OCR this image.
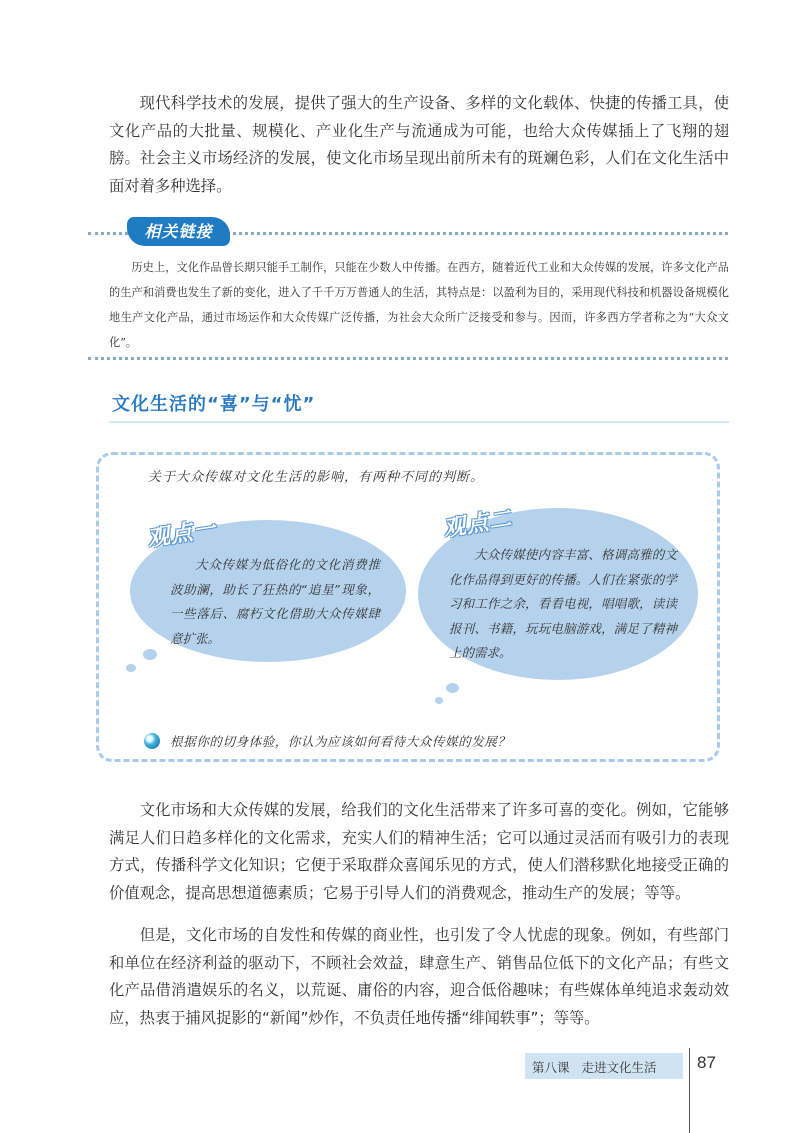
现代科学技术的发展，提供了强大的生产设备、多样的文化载体、快捷的传播工具，使文化产品的大批量、规模化、产业化生产与流通成为可能，也给大众传媒插上了飞翔的翅膀。社会主义市场经济的发展，使文化市场呈现出前所未有的斑斓色彩，人们在文化生活中面对着多种选择。

相关链接

历史上，文化作品曾长期只能手工制作，只能在少数人中传播。在西方，随着近代工业和大众传媒的发展，许多文化产品的生产和消费也发生了新的变化，进入了千千万万普通人的生活，其特点是：以盈利为目的，采用现代科技和机器设备规模化地生产文化产品，通过市场运作和大众传媒广泛传播，为社会大众所广泛接受和参与。因而，许多西方学者称之为“大众文化”。

文化生活的“喜”与“忧”

关于大众传媒对文化生活的影响，有两种不同的判断。

观点一

大众传媒为低俗化的文化消费推波助澜，助长了狂热的“追星”现象，一些落后、腐朽文化借助大众传媒肆意扩张。

观点二

大众传媒使内容丰富、格调高雅的文化作品得到更好的传播。人们在紧张的学习和工作之余，看看电视，唱唱歌，读读报刊、书籍，玩玩电脑游戏，满足了精神上的需求。

根据你的切身体验，你认为应该如何看待大众传媒的发展？

文化市场和大众传媒的发展，给我们的文化生活带来了许多可喜的变化。例如，它能够满足人们日趋多样化的文化需求，充实人们的精神生活；它可以通过灵活而有吸引力的表现方式，传播科学文化知识；它便于采取群众喜闻乐见的方式，使人们潜移默化地接受正确的价值观念，提高思想道德素质；它易于引导人们的消费观念，推动生产的发展；等等。

但是，文化市场的自发性和传媒的商业性，也引发了令人忧虑的现象。例如，有些部门和单位在经济利益的驱动下，不顾社会效益，肆意生产、销售品位低下的文化产品；有些文化产品借消遣娱乐的名义，以荒诞、庸俗的内容，迎合低俗趣味；有些媒体单纯追求轰动效应，热衷于捕风捉影的“新闻”炒作，不负责任地传播“绯闻轶事”；等等。

第八课 走进文化生活 87
